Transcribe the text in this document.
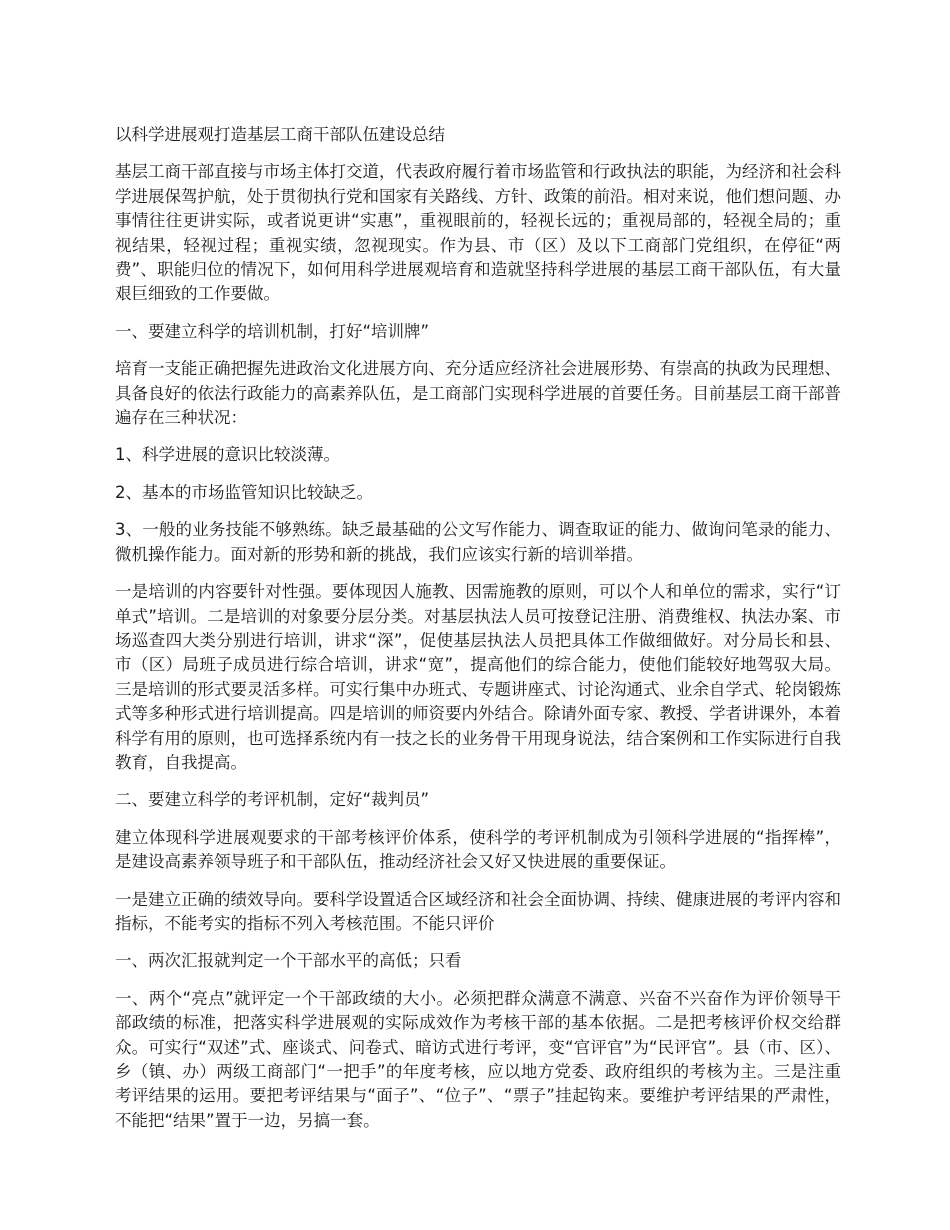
以科学进展观打造基层工商干部队伍建设总结

基层工商干部直接与市场主体打交道，代表政府履行着市场监管和行政执法的职能，为经济和社会科学进展保驾护航，处于贯彻执行党和国家有关路线、方针、政策的前沿。相对来说，他们想问题、办事情往往更讲实际，或者说更讲“实惠”，重视眼前的，轻视长远的；重视局部的，轻视全局的；重视结果，轻视过程；重视实绩，忽视现实。作为县、市（区）及以下工商部门党组织，在停征“两费”、职能归位的情况下，如何用科学进展观培育和造就坚持科学进展的基层工商干部队伍，有大量艰巨细致的工作要做。

一、要建立科学的培训机制，打好“培训牌”

培育一支能正确把握先进政治文化进展方向、充分适应经济社会进展形势、有崇高的执政为民理想、具备良好的依法行政能力的高素养队伍，是工商部门实现科学进展的首要任务。目前基层工商干部普遍存在三种状况：

1、科学进展的意识比较淡薄。

2、基本的市场监管知识比较缺乏。

3、一般的业务技能不够熟练。缺乏最基础的公文写作能力、调查取证的能力、做询问笔录的能力、微机操作能力。面对新的形势和新的挑战，我们应该实行新的培训举措。

一是培训的内容要针对性强。要体现因人施教、因需施教的原则，可以个人和单位的需求，实行“订单式”培训。二是培训的对象要分层分类。对基层执法人员可按登记注册、消费维权、执法办案、市场巡查四大类分别进行培训，讲求“深”，促使基层执法人员把具体工作做细做好。对分局长和县、市（区）局班子成员进行综合培训，讲求“宽”，提高他们的综合能力，使他们能较好地驾驭大局。三是培训的形式要灵活多样。可实行集中办班式、专题讲座式、讨论沟通式、业余自学式、轮岗锻炼式等多种形式进行培训提高。四是培训的师资要内外结合。除请外面专家、教授、学者讲课外，本着科学有用的原则，也可选择系统内有一技之长的业务骨干用现身说法，结合案例和工作实际进行自我教育，自我提高。

二、要建立科学的考评机制，定好“裁判员”

建立体现科学进展观要求的干部考核评价体系，使科学的考评机制成为引领科学进展的“指挥棒”，是建设高素养领导班子和干部队伍，推动经济社会又好又快进展的重要保证。

一是建立正确的绩效导向。要科学设置适合区域经济和社会全面协调、持续、健康进展的考评内容和指标，不能考实的指标不列入考核范围。不能只评价

一、两次汇报就判定一个干部水平的高低；只看

一、两个“亮点”就评定一个干部政绩的大小。必须把群众满意不满意、兴奋不兴奋作为评价领导干部政绩的标准，把落实科学进展观的实际成效作为考核干部的基本依据。二是把考核评价权交给群众。可实行“双述”式、座谈式、问卷式、暗访式进行考评，变“官评官”为“民评官”。县（市、区）、乡（镇、办）两级工商部门“一把手”的年度考核，应以地方党委、政府组织的考核为主。三是注重考评结果的运用。要把考评结果与“面子”、“位子”、“票子”挂起钩来。要维护考评结果的严肃性，不能把“结果”置于一边，另搞一套。
